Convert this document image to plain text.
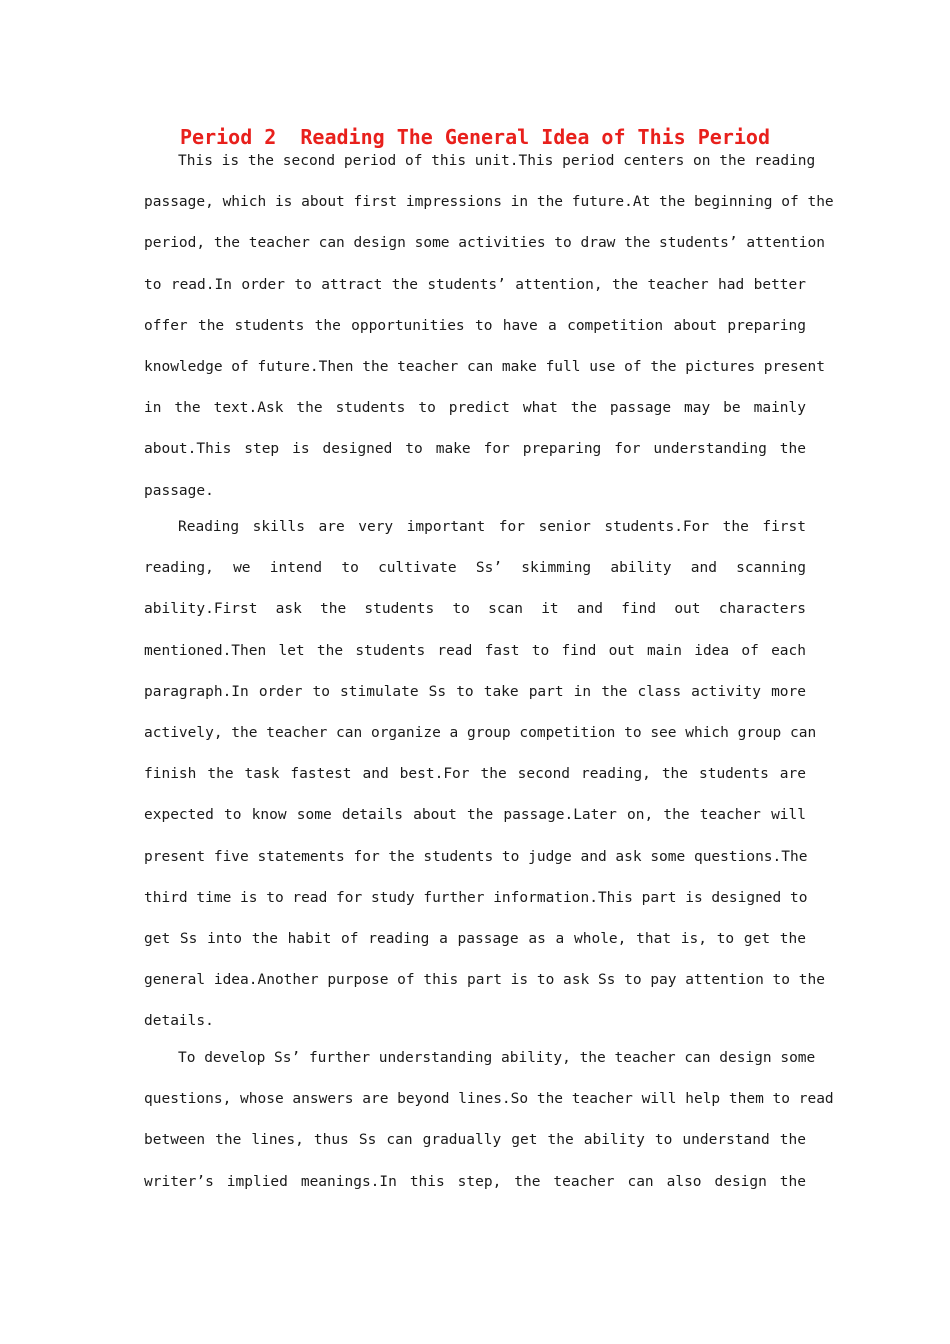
Period 2  Reading The General Idea of This Period

This is the second period of this unit.This period centers on the reading
passage, which is about first impressions in the future.At the beginning of the
period, the teacher can design some activities to draw the students’ attention
to read.In order to attract the students’ attention, the teacher had better
offer the students the opportunities to have a competition about preparing
knowledge of future.Then the teacher can make full use of the pictures present
in the text.Ask the students to predict what the passage may be mainly
about.This step is designed to make for preparing for understanding the
passage.

Reading skills are very important for senior students.For the first
reading, we intend to cultivate Ss’ skimming ability and scanning
ability.First ask the students to scan it and find out characters
mentioned.Then let the students read fast to find out main idea of each
paragraph.In order to stimulate Ss to take part in the class activity more
actively, the teacher can organize a group competition to see which group can
finish the task fastest and best.For the second reading, the students are
expected to know some details about the passage.Later on, the teacher will
present five statements for the students to judge and ask some questions.The
third time is to read for study further information.This part is designed to
get Ss into the habit of reading a passage as a whole, that is, to get the
general idea.Another purpose of this part is to ask Ss to pay attention to the
details.

To develop Ss’ further understanding ability, the teacher can design some
questions, whose answers are beyond lines.So the teacher will help them to read
between the lines, thus Ss can gradually get the ability to understand the
writer’s implied meanings.In this step, the teacher can also design the
